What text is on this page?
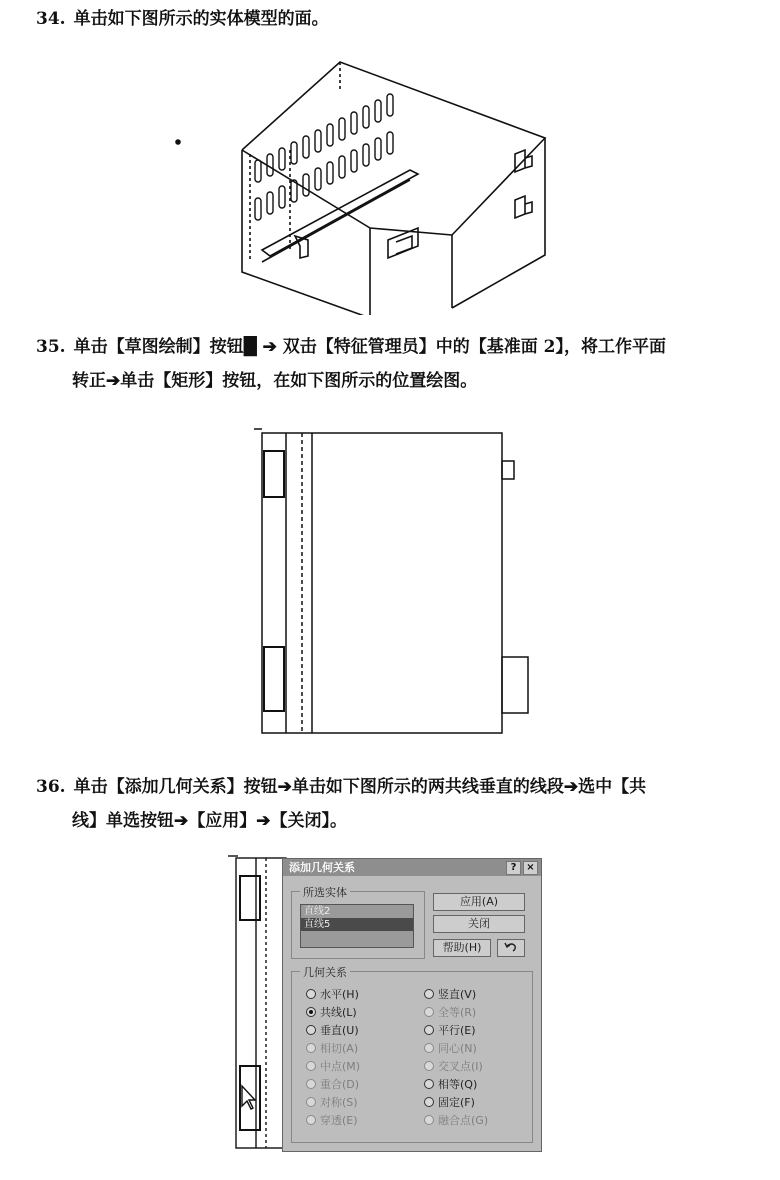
34. 单击如下图所示的实体模型的面。
35. 单击【草图绘制】按钮█ ➔ 双击【特征管理员】中的【基准面 2】，将工作平面
转正➔单击【矩形】按钮，在如下图所示的位置绘图。
36. 单击【添加几何关系】按钮➔单击如下图所示的两共线垂直的线段➔选中【共
线】单选按钮➔【应用】➔【关闭】。
添加几何关系	? ×
所选实体
直线2
直线5
应用(A)
关闭
帮助(H)
几何关系
水平(H)
共线(L)
垂直(U)
相切(A)
中点(M)
重合(D)
对称(S)
穿透(E)
竖直(V)
全等(R)
平行(E)
同心(N)
交叉点(I)
相等(Q)
固定(F)
融合点(G)
